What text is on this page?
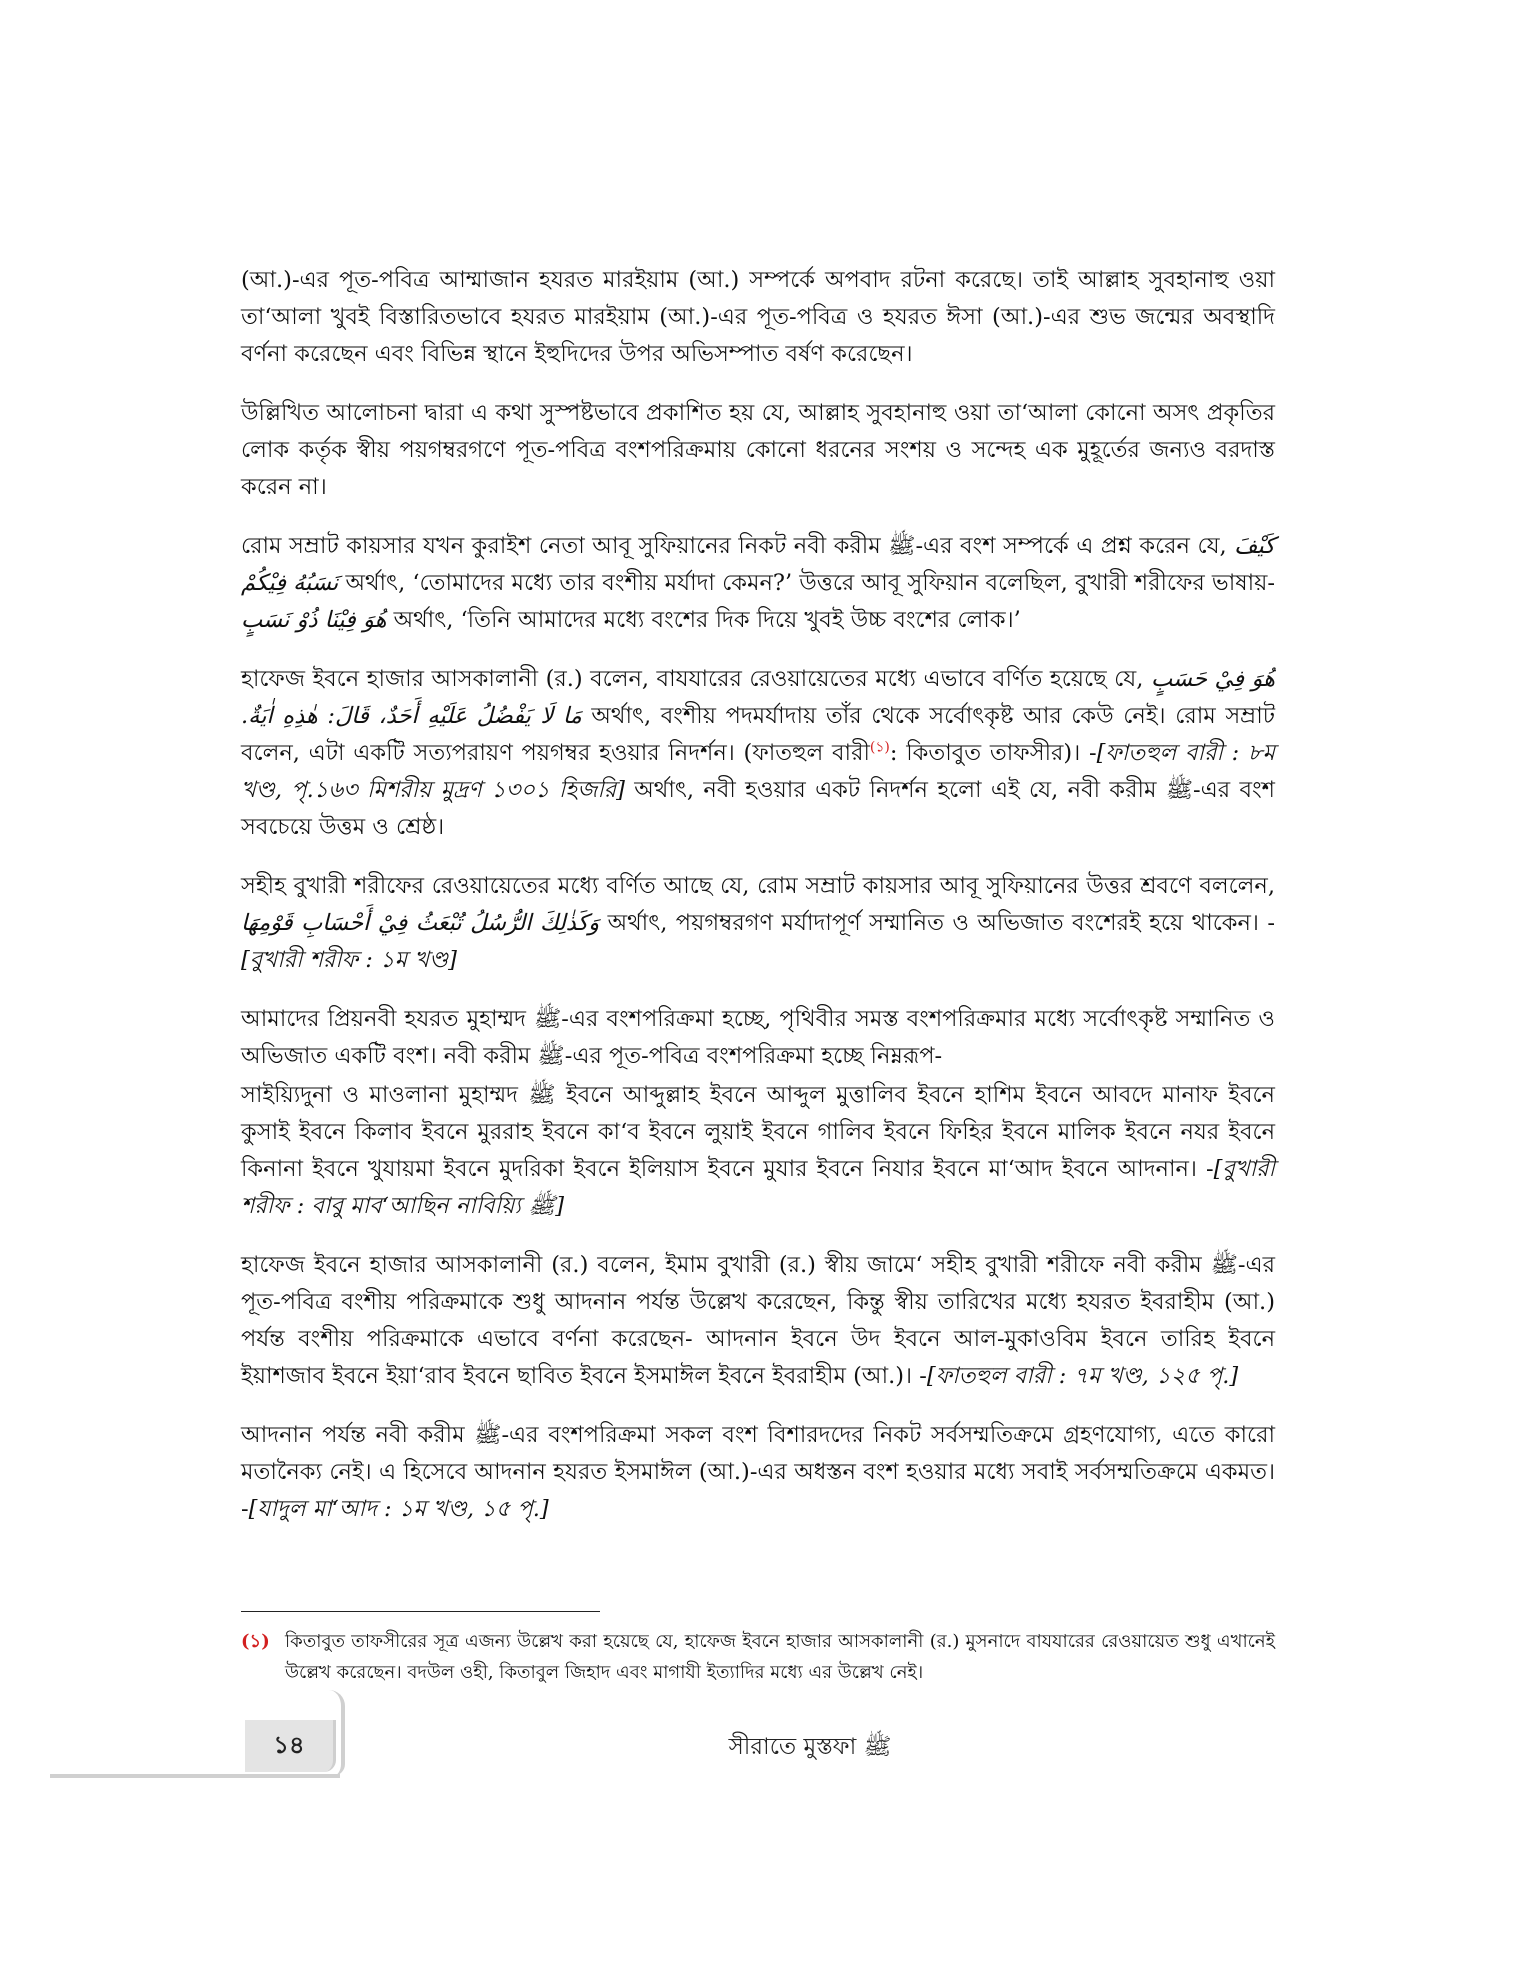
(আ.)-এর পূত-পবিত্র আম্মাজান হযরত মারইয়াম (আ.) সম্পর্কে অপবাদ রটনা করেছে। তাই আল্লাহ সুবহানাহু ওয়া তা‘আলা খুবই বিস্তারিতভাবে হযরত মারইয়াম (আ.)-এর পূত-পবিত্র ও হযরত ঈসা (আ.)-এর শুভ জন্মের অবস্থাদি বর্ণনা করেছেন এবং বিভিন্ন স্থানে ইহুদিদের উপর অভিসম্পাত বর্ষণ করেছেন।

উল্লিখিত আলোচনা দ্বারা এ কথা সুস্পষ্টভাবে প্রকাশিত হয় যে, আল্লাহ সুবহানাহু ওয়া তা‘আলা কোনো অসৎ প্রকৃতির লোক কর্তৃক স্বীয় পয়গম্বরগণে পূত-পবিত্র বংশপরিক্রমায় কোনো ধরনের সংশয় ও সন্দেহ এক মুহূর্তের জন্যও বরদাস্ত করেন না।

রোম সম্রাট কায়সার যখন কুরাইশ নেতা আবূ সুফিয়ানের নিকট নবী করীম ﷺ-এর বংশ সম্পর্কে এ প্রশ্ন করেন যে, كَيْفَ نَسَبُهُ فِيْكُمْ অর্থাৎ, ‘তোমাদের মধ্যে তার বংশীয় মর্যাদা কেমন?’ উত্তরে আবূ সুফিয়ান বলেছিল, বুখারী শরীফের ভাষায়- هُوَ فِيْنَا ذُوْ نَسَبٍ অর্থাৎ, ‘তিনি আমাদের মধ্যে বংশের দিক দিয়ে খুবই উচ্চ বংশের লোক।’

হাফেজ ইবনে হাজার আসকালানী (র.) বলেন, বাযযারের রেওয়ায়েতের মধ্যে এভাবে বর্ণিত হয়েছে যে, هُوَ فِيْ حَسَبٍ مَا لَا يَفْضُلُ عَلَيْهِ أَحَدٌ، قَالَ: هٰذِهِ اٰيَةٌ. অর্থাৎ, বংশীয় পদমর্যাদায় তাঁর থেকে সর্বোৎকৃষ্ট আর কেউ নেই। রোম সম্রাট বলেন, এটা একটি সত্যপরায়ণ পয়গম্বর হওয়ার নিদর্শন। (ফাতহুল বারী$^{(১)}$: কিতাবুত তাফসীর)। -[ফাতহুল বারী : ৮ম খণ্ড, পৃ.১৬৩ মিশরীয় মুদ্রণ ১৩০১ হিজরি] অর্থাৎ, নবী হওয়ার একট নিদর্শন হলো এই যে, নবী করীম ﷺ-এর বংশ সবচেয়ে উত্তম ও শ্রেষ্ঠ।

সহীহ বুখারী শরীফের রেওয়ায়েতের মধ্যে বর্ণিত আছে যে, রোম সম্রাট কায়সার আবূ সুফিয়ানের উত্তর শ্রবণে বললেন, وَكَذٰلِكَ الرُّسُلُ تُبْعَثُ فِيْ أَحْسَابِ قَوْمِهَا অর্থাৎ, পয়গম্বরগণ মর্যাদাপূর্ণ সম্মানিত ও অভিজাত বংশেরই হয়ে থাকেন। -[বুখারী শরীফ : ১ম খণ্ড]

আমাদের প্রিয়নবী হযরত মুহাম্মদ ﷺ-এর বংশপরিক্রমা হচ্ছে, পৃথিবীর সমস্ত বংশপরিক্রমার মধ্যে সর্বোৎকৃষ্ট সম্মানিত ও অভিজাত একটি বংশ। নবী করীম ﷺ-এর পূত-পবিত্র বংশপরিক্রমা হচ্ছে নিম্নরূপ-

সাইয়্যিদুনা ও মাওলানা মুহাম্মদ ﷺ ইবনে আব্দুল্লাহ ইবনে আব্দুল মুত্তালিব ইবনে হাশিম ইবনে আবদে মানাফ ইবনে কুসাই ইবনে কিলাব ইবনে মুররাহ ইবনে কা‘ব ইবনে লুয়াই ইবনে গালিব ইবনে ফিহির ইবনে মালিক ইবনে নযর ইবনে কিনানা ইবনে খুযায়মা ইবনে মুদরিকা ইবনে ইলিয়াস ইবনে মুযার ইবনে নিযার ইবনে মা‘আদ ইবনে আদনান। -[বুখারী শরীফ : বাবু মাব‘আছিন নাবিয়্যি ﷺ]

হাফেজ ইবনে হাজার আসকালানী (র.) বলেন, ইমাম বুখারী (র.) স্বীয় জামে‘ সহীহ বুখারী শরীফে নবী করীম ﷺ-এর পূত-পবিত্র বংশীয় পরিক্রমাকে শুধু আদনান পর্যন্ত উল্লেখ করেছেন, কিন্তু স্বীয় তারিখের মধ্যে হযরত ইবরাহীম (আ.) পর্যন্ত বংশীয় পরিক্রমাকে এভাবে বর্ণনা করেছেন- আদনান ইবনে উদ ইবনে আল-মুকাওবিম ইবনে তারিহ ইবনে ইয়াশজাব ইবনে ইয়া‘রাব ইবনে ছাবিত ইবনে ইসমাঈল ইবনে ইবরাহীম (আ.)। -[ফাতহুল বারী : ৭ম খণ্ড, ১২৫ পৃ.]

আদনান পর্যন্ত নবী করীম ﷺ-এর বংশপরিক্রমা সকল বংশ বিশারদদের নিকট সর্বসম্মতিক্রমে গ্রহণযোগ্য, এতে কারো মতানৈক্য নেই। এ হিসেবে আদনান হযরত ইসমাঈল (আ.)-এর অধস্তন বংশ হওয়ার মধ্যে সবাই সর্বসম্মতিক্রমে একমত। -[যাদুল মা‘আদ : ১ম খণ্ড, ১৫ পৃ.]

(১) কিতাবুত তাফসীরের সূত্র এজন্য উল্লেখ করা হয়েছে যে, হাফেজ ইবনে হাজার আসকালানী (র.) মুসনাদে বাযযারের রেওয়ায়েত শুধু এখানেই উল্লেখ করেছেন। বদউল ওহী, কিতাবুল জিহাদ এবং মাগাযী ইত্যাদির মধ্যে এর উল্লেখ নেই।
১৪	সীরাতে মুস্তফা ﷺ
